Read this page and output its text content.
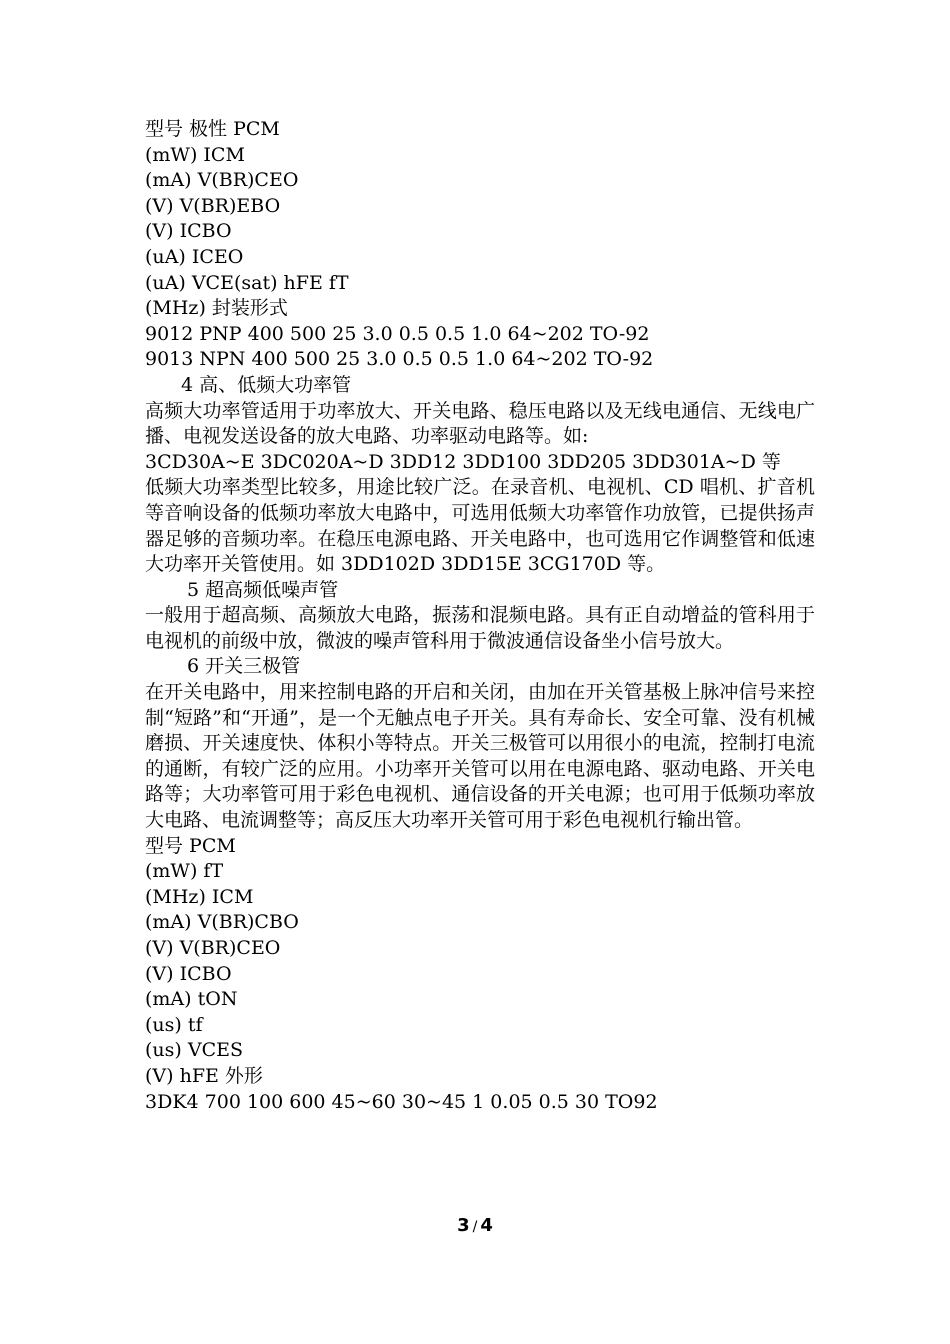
型号 极性 PCM

(mW) ICM

(mA) V(BR)CEO

(V) V(BR)EBO

(V) ICBO

(uA) ICEO

(uA) VCE(sat) hFE fT

(MHz) 封装形式

9012 PNP 400 500 25 3.0 0.5 0.5 1.0 64~202 TO-92

9013 NPN 400 500 25 3.0 0.5 0.5 1.0 64~202 TO-92

4 高、低频大功率管

高频大功率管适用于功率放大、开关电路、稳压电路以及无线电通信、无线电广播、电视发送设备的放大电路、功率驱动电路等。如:

3CD30A~E 3DC020A~D 3DD12 3DD100 3DD205 3DD301A~D 等

低频大功率类型比较多，用途比较广泛。在录音机、电视机、CD 唱机、扩音机等音响设备的低频功率放大电路中，可选用低频大功率管作功放管，已提供扬声器足够的音频功率。在稳压电源电路、开关电路中，也可选用它作调整管和低速大功率开关管使用。如 3DD102D 3DD15E 3CG170D 等。

5 超高频低噪声管

一般用于超高频、高频放大电路，振荡和混频电路。具有正自动增益的管科用于电视机的前级中放，微波的噪声管科用于微波通信设备坐小信号放大。

6 开关三极管

在开关电路中，用来控制电路的开启和关闭，由加在开关管基极上脉冲信号来控制“短路”和“开通”，是一个无触点电子开关。具有寿命长、安全可靠、没有机械磨损、开关速度快、体积小等特点。开关三极管可以用很小的电流，控制打电流的通断，有较广泛的应用。小功率开关管可以用在电源电路、驱动电路、开关电路等；大功率管可用于彩色电视机、通信设备的开关电源；也可用于低频功率放大电路、电流调整等；高反压大功率开关管可用于彩色电视机行输出管。

型号 PCM

(mW) fT

(MHz) ICM

(mA) V(BR)CBO

(V) V(BR)CEO

(V) ICBO

(mA) tON

(us) tf

(us) VCES

(V) hFE 外形

3DK4 700 100 600 45~60 30~45 1 0.05 0.5 30 TO92

3 / 4
